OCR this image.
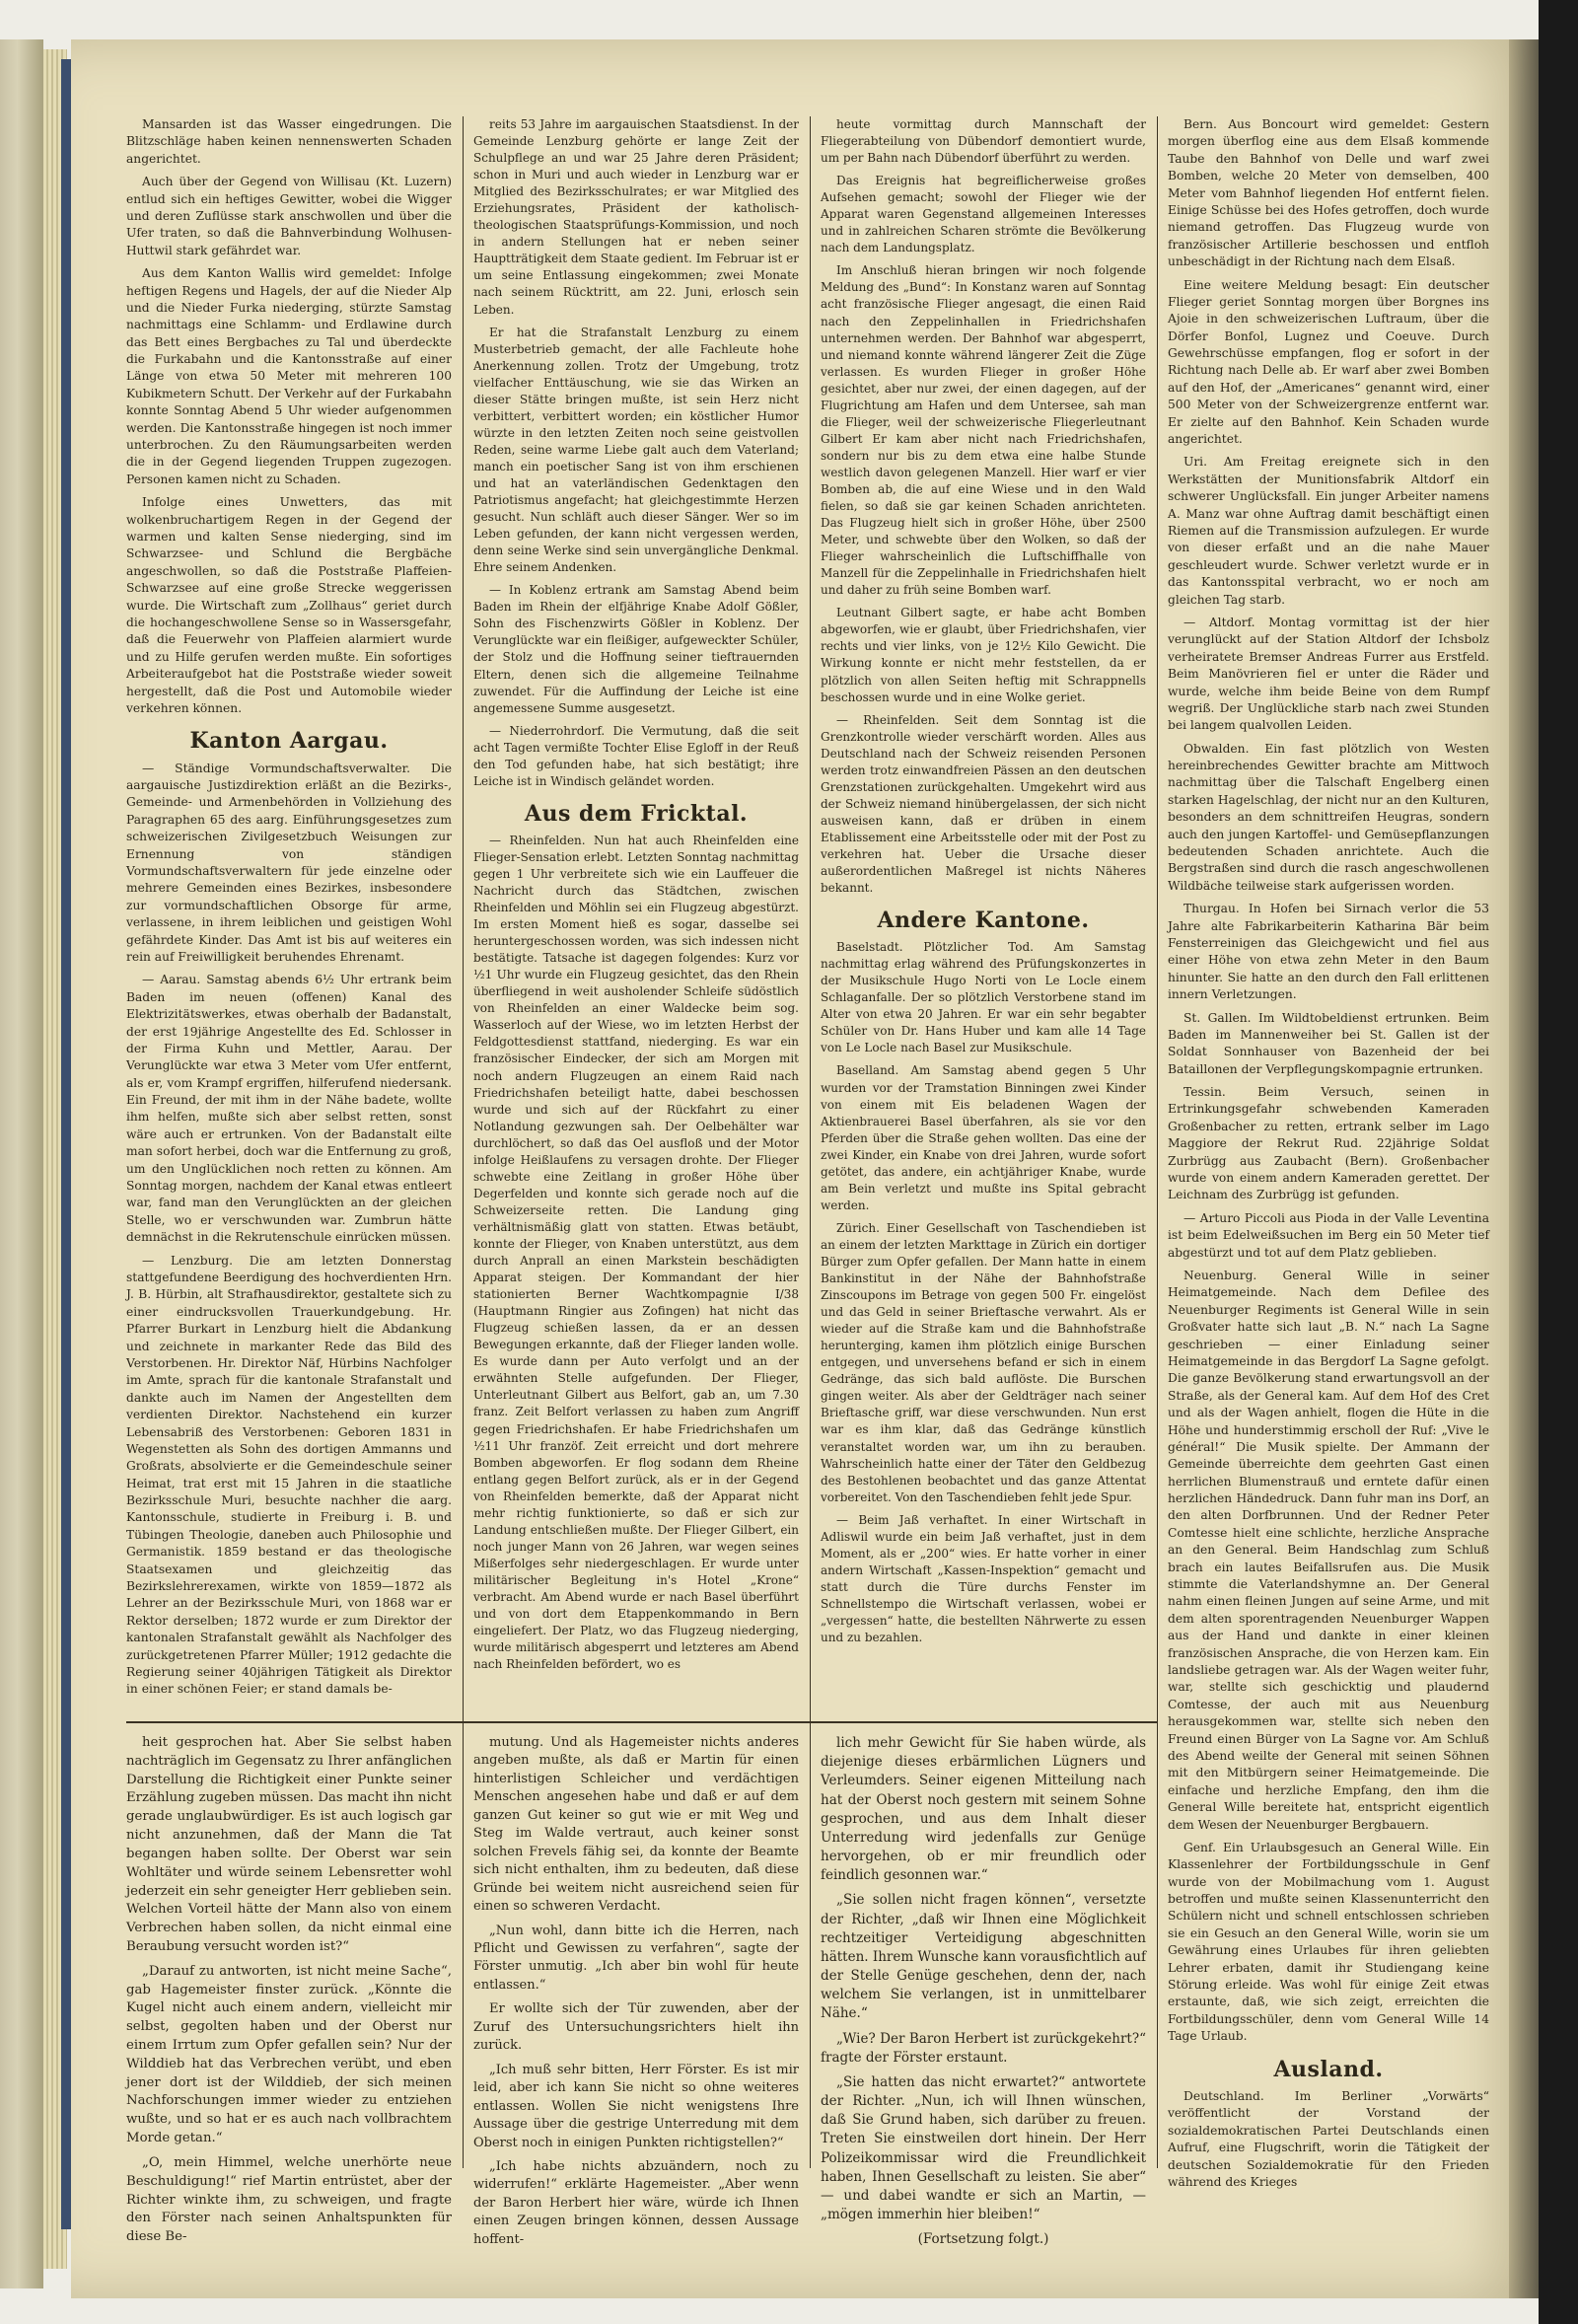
Mansarden ist das Wasser eingedrungen. Die Blitzschläge haben keinen nennenswerten Schaden angerichtet.

Auch über der Gegend von Willisau (Kt. Luzern) entlud sich ein heftiges Gewitter, wobei die Wigger und deren Zuflüsse stark anschwollen und über die Ufer traten, so daß die Bahnverbindung Wolhusen-Huttwil stark gefährdet war.

Aus dem Kanton Wallis wird gemeldet: Infolge heftigen Regens und Hagels, der auf die Nieder Alp und die Nieder Furka niederging, stürzte Samstag nachmittags eine Schlamm- und Erdlawine durch das Bett eines Bergbaches zu Tal und überdeckte die Furkabahn und die Kantonsstraße auf einer Länge von etwa 50 Meter mit mehreren 100 Kubikmetern Schutt. Der Verkehr auf der Furkabahn konnte Sonntag Abend 5 Uhr wieder aufgenommen werden. Die Kantonsstraße hingegen ist noch immer unterbrochen. Zu den Räumungsarbeiten werden die in der Gegend liegenden Truppen zugezogen. Personen kamen nicht zu Schaden.

Infolge eines Unwetters, das mit wolkenbruchartigem Regen in der Gegend der warmen und kalten Sense niederging, sind im Schwarzsee- und Schlund die Bergbäche angeschwollen, so daß die Poststraße Plaffeien-Schwarzsee auf eine große Strecke weggerissen wurde. Die Wirtschaft zum „Zollhaus“ geriet durch die hochangeschwollene Sense so in Wassersgefahr, daß die Feuerwehr von Plaffeien alarmiert wurde und zu Hilfe gerufen werden mußte. Ein sofortiges Arbeiteraufgebot hat die Poststraße wieder soweit hergestellt, daß die Post und Automobile wieder verkehren können.

Kanton Aargau.

— Ständige Vormundschaftsverwalter. Die aargauische Justizdirektion erläßt an die Bezirks-, Gemeinde- und Armenbehörden in Vollziehung des Paragraphen 65 des aarg. Einführungsgesetzes zum schweizerischen Zivilgesetzbuch Weisungen zur Ernennung von ständigen Vormundschaftsverwaltern für jede einzelne oder mehrere Gemeinden eines Bezirkes, insbesondere zur vormundschaftlichen Obsorge für arme, verlassene, in ihrem leiblichen und geistigen Wohl gefährdete Kinder. Das Amt ist bis auf weiteres ein rein auf Freiwilligkeit beruhendes Ehrenamt.

— Aarau. Samstag abends 6½ Uhr ertrank beim Baden im neuen (offenen) Kanal des Elektrizitätswerkes, etwas oberhalb der Badanstalt, der erst 19jährige Angestellte des Ed. Schlosser in der Firma Kuhn und Mettler, Aarau. Der Verunglückte war etwa 3 Meter vom Ufer entfernt, als er, vom Krampf ergriffen, hilferufend niedersank. Ein Freund, der mit ihm in der Nähe badete, wollte ihm helfen, mußte sich aber selbst retten, sonst wäre auch er ertrunken. Von der Badanstalt eilte man sofort herbei, doch war die Entfernung zu groß, um den Unglücklichen noch retten zu können. Am Sonntag morgen, nachdem der Kanal etwas entleert war, fand man den Verunglückten an der gleichen Stelle, wo er verschwunden war. Zumbrun hätte demnächst in die Rekrutenschule einrücken müssen.

— Lenzburg. Die am letzten Donnerstag stattgefundene Beerdigung des hochverdienten Hrn. J. B. Hürbin, alt Strafhausdirektor, gestaltete sich zu einer eindrucksvollen Trauerkundgebung. Hr. Pfarrer Burkart in Lenzburg hielt die Abdankung und zeichnete in markanter Rede das Bild des Verstorbenen. Hr. Direktor Näf, Hürbins Nachfolger im Amte, sprach für die kantonale Strafanstalt und dankte auch im Namen der Angestellten dem verdienten Direktor. Nachstehend ein kurzer Lebensabriß des Verstorbenen: Geboren 1831 in Wegenstetten als Sohn des dortigen Ammanns und Großrats, absolvierte er die Gemeindeschule seiner Heimat, trat erst mit 15 Jahren in die staatliche Bezirksschule Muri, besuchte nachher die aarg. Kantonsschule, studierte in Freiburg i. B. und Tübingen Theologie, daneben auch Philosophie und Germanistik. 1859 bestand er das theologische Staatsexamen und gleichzeitig das Bezirkslehrerexamen, wirkte von 1859—1872 als Lehrer an der Bezirksschule Muri, von 1868 war er Rektor derselben; 1872 wurde er zum Direktor der kantonalen Strafanstalt gewählt als Nachfolger des zurückgetretenen Pfarrer Müller; 1912 gedachte die Regierung seiner 40jährigen Tätigkeit als Direktor in einer schönen Feier; er stand damals be-

reits 53 Jahre im aargauischen Staatsdienst. In der Gemeinde Lenzburg gehörte er lange Zeit der Schulpflege an und war 25 Jahre deren Präsident; schon in Muri und auch wieder in Lenzburg war er Mitglied des Bezirksschulrates; er war Mitglied des Erziehungsrates, Präsident der katholisch-theologischen Staatsprüfungs-Kommission, und noch in andern Stellungen hat er neben seiner Hauptträtigkeit dem Staate gedient. Im Februar ist er um seine Entlassung eingekommen; zwei Monate nach seinem Rücktritt, am 22. Juni, erlosch sein Leben.

Er hat die Strafanstalt Lenzburg zu einem Musterbetrieb gemacht, der alle Fachleute hohe Anerkennung zollen. Trotz der Umgebung, trotz vielfacher Enttäuschung, wie sie das Wirken an dieser Stätte bringen mußte, ist sein Herz nicht verbittert, verbittert worden; ein köstlicher Humor würzte in den letzten Zeiten noch seine geistvollen Reden, seine warme Liebe galt auch dem Vaterland; manch ein poetischer Sang ist von ihm erschienen und hat an vaterländischen Gedenktagen den Patriotismus angefacht; hat gleichgestimmte Herzen gesucht. Nun schläft auch dieser Sänger. Wer so im Leben gefunden, der kann nicht vergessen werden, denn seine Werke sind sein unvergängliche Denkmal. Ehre seinem Andenken.

— In Koblenz ertrank am Samstag Abend beim Baden im Rhein der elfjährige Knabe Adolf Gößler, Sohn des Fischenzwirts Gößler in Koblenz. Der Verunglückte war ein fleißiger, aufgeweckter Schüler, der Stolz und die Hoffnung seiner tieftrauernden Eltern, denen sich die allgemeine Teilnahme zuwendet. Für die Auffindung der Leiche ist eine angemessene Summe ausgesetzt.

— Niederrohrdorf. Die Vermutung, daß die seit acht Tagen vermißte Tochter Elise Egloff in der Reuß den Tod gefunden habe, hat sich bestätigt; ihre Leiche ist in Windisch geländet worden.

Aus dem Fricktal.

— Rheinfelden. Nun hat auch Rheinfelden eine Flieger-Sensation erlebt. Letzten Sonntag nachmittag gegen 1 Uhr verbreitete sich wie ein Lauffeuer die Nachricht durch das Städtchen, zwischen Rheinfelden und Möhlin sei ein Flugzeug abgestürzt. Im ersten Moment hieß es sogar, dasselbe sei heruntergeschossen worden, was sich indessen nicht bestätigte. Tatsache ist dagegen folgendes: Kurz vor ½1 Uhr wurde ein Flugzeug gesichtet, das den Rhein überfliegend in weit ausholender Schleife südöstlich von Rheinfelden an einer Waldecke beim sog. Wasserloch auf der Wiese, wo im letzten Herbst der Feldgottesdienst stattfand, niederging. Es war ein französischer Eindecker, der sich am Morgen mit noch andern Flugzeugen an einem Raid nach Friedrichshafen beteiligt hatte, dabei beschossen wurde und sich auf der Rückfahrt zu einer Notlandung gezwungen sah. Der Oelbehälter war durchlöchert, so daß das Oel ausfloß und der Motor infolge Heißlaufens zu versagen drohte. Der Flieger schwebte eine Zeitlang in großer Höhe über Degerfelden und konnte sich gerade noch auf die Schweizerseite retten. Die Landung ging verhältnismäßig glatt von statten. Etwas betäubt, konnte der Flieger, von Knaben unterstützt, aus dem durch Anprall an einen Markstein beschädigten Apparat steigen. Der Kommandant der hier stationierten Berner Wachtkompagnie I/38 (Hauptmann Ringier aus Zofingen) hat nicht das Flugzeug schießen lassen, da er an dessen Bewegungen erkannte, daß der Flieger landen wolle. Es wurde dann per Auto verfolgt und an der erwähnten Stelle aufgefunden. Der Flieger, Unterleutnant Gilbert aus Belfort, gab an, um 7.30 franz. Zeit Belfort verlassen zu haben zum Angriff gegen Friedrichshafen. Er habe Friedrichshafen um ½11 Uhr franzöf. Zeit erreicht und dort mehrere Bomben abgeworfen. Er flog sodann dem Rheine entlang gegen Belfort zurück, als er in der Gegend von Rheinfelden bemerkte, daß der Apparat nicht mehr richtig funktionierte, so daß er sich zur Landung entschließen mußte. Der Flieger Gilbert, ein noch junger Mann von 26 Jahren, war wegen seines Mißerfolges sehr niedergeschlagen. Er wurde unter militärischer Begleitung in's Hotel „Krone“ verbracht. Am Abend wurde er nach Basel überführt und von dort dem Etappenkommando in Bern eingeliefert. Der Platz, wo das Flugzeug niederging, wurde militärisch abgesperrt und letzteres am Abend nach Rheinfelden befördert, wo es

heute vormittag durch Mannschaft der Fliegerabteilung von Dübendorf demontiert wurde, um per Bahn nach Dübendorf überführt zu werden.

Das Ereignis hat begreiflicherweise großes Aufsehen gemacht; sowohl der Flieger wie der Apparat waren Gegenstand allgemeinen Interesses und in zahlreichen Scharen strömte die Bevölkerung nach dem Landungsplatz.

Im Anschluß hieran bringen wir noch folgende Meldung des „Bund“: In Konstanz waren auf Sonntag acht französische Flieger angesagt, die einen Raid nach den Zeppelinhallen in Friedrichshafen unternehmen werden. Der Bahnhof war abgesperrt, und niemand konnte während längerer Zeit die Züge verlassen. Es wurden Flieger in großer Höhe gesichtet, aber nur zwei, der einen dagegen, auf der Flugrichtung am Hafen und dem Untersee, sah man die Flieger, weil der schweizerische Fliegerleutnant Gilbert Er kam aber nicht nach Friedrichshafen, sondern nur bis zu dem etwa eine halbe Stunde westlich davon gelegenen Manzell. Hier warf er vier Bomben ab, die auf eine Wiese und in den Wald fielen, so daß sie gar keinen Schaden anrichteten. Das Flugzeug hielt sich in großer Höhe, über 2500 Meter, und schwebte über den Wolken, so daß der Flieger wahrscheinlich die Luftschiffhalle von Manzell für die Zeppelinhalle in Friedrichshafen hielt und daher zu früh seine Bomben warf.

Leutnant Gilbert sagte, er habe acht Bomben abgeworfen, wie er glaubt, über Friedrichshafen, vier rechts und vier links, von je 12½ Kilo Gewicht. Die Wirkung konnte er nicht mehr feststellen, da er plötzlich von allen Seiten heftig mit Schrappnells beschossen wurde und in eine Wolke geriet.

— Rheinfelden. Seit dem Sonntag ist die Grenzkontrolle wieder verschärft worden. Alles aus Deutschland nach der Schweiz reisenden Personen werden trotz einwandfreien Pässen an den deutschen Grenzstationen zurückgehalten. Umgekehrt wird aus der Schweiz niemand hinübergelassen, der sich nicht ausweisen kann, daß er drüben in einem Etablissement eine Arbeitsstelle oder mit der Post zu verkehren hat. Ueber die Ursache dieser außerordentlichen Maßregel ist nichts Näheres bekannt.

Andere Kantone.

Baselstadt. Plötzlicher Tod. Am Samstag nachmittag erlag während des Prüfungskonzertes in der Musikschule Hugo Norti von Le Locle einem Schlaganfalle. Der so plötzlich Verstorbene stand im Alter von etwa 20 Jahren. Er war ein sehr begabter Schüler von Dr. Hans Huber und kam alle 14 Tage von Le Locle nach Basel zur Musikschule.

Baselland. Am Samstag abend gegen 5 Uhr wurden vor der Tramstation Binningen zwei Kinder von einem mit Eis beladenen Wagen der Aktienbrauerei Basel überfahren, als sie vor den Pferden über die Straße gehen wollten. Das eine der zwei Kinder, ein Knabe von drei Jahren, wurde sofort getötet, das andere, ein achtjähriger Knabe, wurde am Bein verletzt und mußte ins Spital gebracht werden.

Zürich. Einer Gesellschaft von Taschendieben ist an einem der letzten Markttage in Zürich ein dortiger Bürger zum Opfer gefallen. Der Mann hatte in einem Bankinstitut in der Nähe der Bahnhofstraße Zinscoupons im Betrage von gegen 500 Fr. eingelöst und das Geld in seiner Brieftasche verwahrt. Als er wieder auf die Straße kam und die Bahnhofstraße herunterging, kamen ihm plötzlich einige Burschen entgegen, und unversehens befand er sich in einem Gedränge, das sich bald auflöste. Die Burschen gingen weiter. Als aber der Geldträger nach seiner Brieftasche griff, war diese verschwunden. Nun erst war es ihm klar, daß das Gedränge künstlich veranstaltet worden war, um ihn zu berauben. Wahrscheinlich hatte einer der Täter den Geldbezug des Bestohlenen beobachtet und das ganze Attentat vorbereitet. Von den Taschendieben fehlt jede Spur.

— Beim Jaß verhaftet. In einer Wirtschaft in Adliswil wurde ein beim Jaß verhaftet, just in dem Moment, als er „200“ wies. Er hatte vorher in einer andern Wirtschaft „Kassen-Inspektion“ gemacht und statt durch die Türe durchs Fenster im Schnellstempo die Wirtschaft verlassen, wobei er „vergessen“ hatte, die bestellten Nährwerte zu essen und zu bezahlen.

Bern. Aus Boncourt wird gemeldet: Gestern morgen überflog eine aus dem Elsaß kommende Taube den Bahnhof von Delle und warf zwei Bomben, welche 20 Meter von demselben, 400 Meter vom Bahnhof liegenden Hof entfernt fielen. Einige Schüsse bei des Hofes getroffen, doch wurde niemand getroffen. Das Flugzeug wurde von französischer Artillerie beschossen und entfloh unbeschädigt in der Richtung nach dem Elsaß.

Eine weitere Meldung besagt: Ein deutscher Flieger geriet Sonntag morgen über Borgnes ins Ajoie in den schweizerischen Luftraum, über die Dörfer Bonfol, Lugnez und Coeuve. Durch Gewehrschüsse empfangen, flog er sofort in der Richtung nach Delle ab. Er warf aber zwei Bomben auf den Hof, der „Americanes“ genannt wird, einer 500 Meter von der Schweizergrenze entfernt war. Er zielte auf den Bahnhof. Kein Schaden wurde angerichtet.

Uri. Am Freitag ereignete sich in den Werkstätten der Munitionsfabrik Altdorf ein schwerer Unglücksfall. Ein junger Arbeiter namens A. Manz war ohne Auftrag damit beschäftigt einen Riemen auf die Transmission aufzulegen. Er wurde von dieser erfaßt und an die nahe Mauer geschleudert wurde. Schwer verletzt wurde er in das Kantonsspital verbracht, wo er noch am gleichen Tag starb.

— Altdorf. Montag vormittag ist der hier verunglückt auf der Station Altdorf der Ichsbolz verheiratete Bremser Andreas Furrer aus Erstfeld. Beim Manövrieren fiel er unter die Räder und wurde, welche ihm beide Beine von dem Rumpf wegriß. Der Unglückliche starb nach zwei Stunden bei langem qualvollen Leiden.

Obwalden. Ein fast plötzlich von Westen hereinbrechendes Gewitter brachte am Mittwoch nachmittag über die Talschaft Engelberg einen starken Hagelschlag, der nicht nur an den Kulturen, besonders an dem schnittreifen Heugras, sondern auch den jungen Kartoffel- und Gemüsepflanzungen bedeutenden Schaden anrichtete. Auch die Bergstraßen sind durch die rasch angeschwollenen Wildbäche teilweise stark aufgerissen worden.

Thurgau. In Hofen bei Sirnach verlor die 53 Jahre alte Fabrikarbeiterin Katharina Bär beim Fensterreinigen das Gleichgewicht und fiel aus einer Höhe von etwa zehn Meter in den Baum hinunter. Sie hatte an den durch den Fall erlittenen innern Verletzungen.

St. Gallen. Im Wildtobeldienst ertrunken. Beim Baden im Mannenweiher bei St. Gallen ist der Soldat Sonnhauser von Bazenheid der bei Bataillonen der Verpflegungskompagnie ertrunken.

Tessin. Beim Versuch, seinen in Ertrinkungsgefahr schwebenden Kameraden Großenbacher zu retten, ertrank selber im Lago Maggiore der Rekrut Rud. 22jährige Soldat Zurbrügg aus Zaubacht (Bern). Großenbacher wurde von einem andern Kameraden gerettet. Der Leichnam des Zurbrügg ist gefunden.

— Arturo Piccoli aus Pioda in der Valle Leventina ist beim Edelweißsuchen im Berg ein 50 Meter tief abgestürzt und tot auf dem Platz geblieben.

Neuenburg. General Wille in seiner Heimatgemeinde. Nach dem Defilee des Neuenburger Regiments ist General Wille in sein Großvater hatte sich laut „B. N.“ nach La Sagne geschrieben — einer Einladung seiner Heimatgemeinde in das Bergdorf La Sagne gefolgt. Die ganze Bevölkerung stand erwartungsvoll an der Straße, als der General kam. Auf dem Hof des Cret und als der Wagen anhielt, flogen die Hüte in die Höhe und hunderstimmig erscholl der Ruf: „Vive le général!“ Die Musik spielte. Der Ammann der Gemeinde überreichte dem geehrten Gast einen herrlichen Blumenstrauß und erntete dafür einen herzlichen Händedruck. Dann fuhr man ins Dorf, an den alten Dorfbrunnen. Und der Redner Peter Comtesse hielt eine schlichte, herzliche Ansprache an den General. Beim Handschlag zum Schluß brach ein lautes Beifallsrufen aus. Die Musik stimmte die Vaterlandshymne an. Der General nahm einen fleinen Jungen auf seine Arme, und mit dem alten sporentragenden Neuenburger Wappen aus der Hand und dankte in einer kleinen französischen Ansprache, die von Herzen kam. Ein landsliebe getragen war. Als der Wagen weiter fuhr, war, stellte sich geschicktig und plaudernd Comtesse, der auch mit aus Neuenburg herausgekommen war, stellte sich neben den Freund einen Bürger von La Sagne vor. Am Schluß des Abend weilte der General mit seinen Söhnen mit den Mitbürgern seiner Heimatgemeinde. Die einfache und herzliche Empfang, den ihm die General Wille bereitete hat, entspricht eigentlich dem Wesen der Neuenburger Bergbauern.

Genf. Ein Urlaubsgesuch an General Wille. Ein Klassenlehrer der Fortbildungsschule in Genf wurde von der Mobilmachung vom 1. August betroffen und mußte seinen Klassenunterricht den Schülern nicht und schnell entschlossen schrieben sie ein Gesuch an den General Wille, worin sie um Gewährung eines Urlaubes für ihren geliebten Lehrer erbaten, damit ihr Studiengang keine Störung erleide. Was wohl für einige Zeit etwas erstaunte, daß, wie sich zeigt, erreichten die Fortbildungsschüler, denn vom General Wille 14 Tage Urlaub.

Ausland.

Deutschland. Im Berliner „Vorwärts“ veröffentlicht der Vorstand der sozialdemokratischen Partei Deutschlands einen Aufruf, eine Flugschrift, worin die Tätigkeit der deutschen Sozialdemokratie für den Frieden während des Krieges

heit gesprochen hat. Aber Sie selbst haben nachträglich im Gegensatz zu Ihrer anfänglichen Darstellung die Richtigkeit einer Punkte seiner Erzählung zugeben müssen. Das macht ihn nicht gerade unglaubwürdiger. Es ist auch logisch gar nicht anzunehmen, daß der Mann die Tat begangen haben sollte. Der Oberst war sein Wohltäter und würde seinem Lebensretter wohl jederzeit ein sehr geneigter Herr geblieben sein. Welchen Vorteil hätte der Mann also von einem Verbrechen haben sollen, da nicht einmal eine Beraubung versucht worden ist?“

„Darauf zu antworten, ist nicht meine Sache“, gab Hagemeister finster zurück. „Könnte die Kugel nicht auch einem andern, vielleicht mir selbst, gegolten haben und der Oberst nur einem Irrtum zum Opfer gefallen sein? Nur der Wilddieb hat das Verbrechen verübt, und eben jener dort ist der Wilddieb, der sich meinen Nachforschungen immer wieder zu entziehen wußte, und so hat er es auch nach vollbrachtem Morde getan.“

„O, mein Himmel, welche unerhörte neue Beschuldigung!“ rief Martin entrüstet, aber der Richter winkte ihm, zu schweigen, und fragte den Förster nach seinen Anhaltspunkten für diese Be-

mutung. Und als Hagemeister nichts anderes angeben mußte, als daß er Martin für einen hinterlistigen Schleicher und verdächtigen Menschen angesehen habe und daß er auf dem ganzen Gut keiner so gut wie er mit Weg und Steg im Walde vertraut, auch keiner sonst solchen Frevels fähig sei, da konnte der Beamte sich nicht enthalten, ihm zu bedeuten, daß diese Gründe bei weitem nicht ausreichend seien für einen so schweren Verdacht.

„Nun wohl, dann bitte ich die Herren, nach Pflicht und Gewissen zu verfahren“, sagte der Förster unmutig. „Ich aber bin wohl für heute entlassen.“

Er wollte sich der Tür zuwenden, aber der Zuruf des Untersuchungsrichters hielt ihn zurück.

„Ich muß sehr bitten, Herr Förster. Es ist mir leid, aber ich kann Sie nicht so ohne weiteres entlassen. Wollen Sie nicht wenigstens Ihre Aussage über die gestrige Unterredung mit dem Oberst noch in einigen Punkten richtigstellen?“

„Ich habe nichts abzuändern, noch zu widerrufen!“ erklärte Hagemeister. „Aber wenn der Baron Herbert hier wäre, würde ich Ihnen einen Zeugen bringen können, dessen Aussage hoffent-

lich mehr Gewicht für Sie haben würde, als diejenige dieses erbärmlichen Lügners und Verleumders. Seiner eigenen Mitteilung nach hat der Oberst noch gestern mit seinem Sohne gesprochen, und aus dem Inhalt dieser Unterredung wird jedenfalls zur Genüge hervorgehen, ob er mir freundlich oder feindlich gesonnen war.“

„Sie sollen nicht fragen können“, versetzte der Richter, „daß wir Ihnen eine Möglichkeit rechtzeitiger Verteidigung abgeschnitten hätten. Ihrem Wunsche kann vorausfichtlich auf der Stelle Genüge geschehen, denn der, nach welchem Sie verlangen, ist in unmittelbarer Nähe.“

„Wie? Der Baron Herbert ist zurückgekehrt?“ fragte der Förster erstaunt.

„Sie hatten das nicht erwartet?“ antwortete der Richter. „Nun, ich will Ihnen wünschen, daß Sie Grund haben, sich darüber zu freuen. Treten Sie einstweilen dort hinein. Der Herr Polizeikommissar wird die Freundlichkeit haben, Ihnen Gesellschaft zu leisten. Sie aber“ — und dabei wandte er sich an Martin, — „mögen immerhin hier bleiben!“

(Fortsetzung folgt.)
